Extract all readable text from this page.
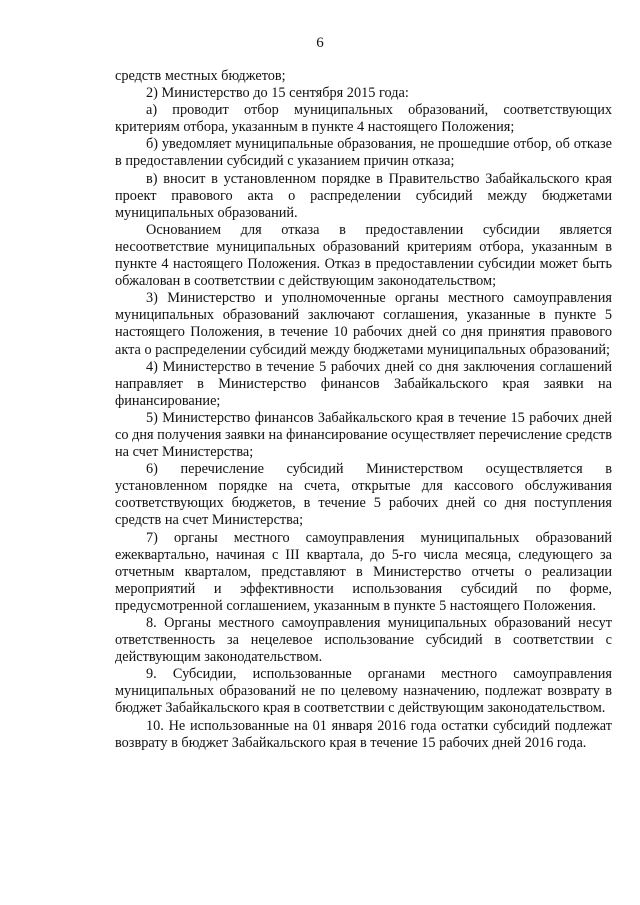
6

средств местных бюджетов;

2) Министерство до 15 сентября 2015 года:

а) проводит отбор муниципальных образований, соответствующих критериям отбора, указанным в пункте 4 настоящего Положения;

б) уведомляет муниципальные образования, не прошедшие отбор, об отказе в предоставлении субсидий с указанием причин отказа;

в) вносит в установленном порядке в Правительство Забайкальского края проект правового акта о распределении субсидий между бюджетами муниципальных образований.

Основанием для отказа в предоставлении субсидии является несоответствие муниципальных образований критериям отбора, указанным в пункте 4 настоящего Положения. Отказ в предоставлении субсидии может быть обжалован в соответствии с действующим законодательством;

3) Министерство и уполномоченные органы местного самоуправления муниципальных образований заключают соглашения, указанные в пункте 5 настоящего Положения, в течение 10 рабочих дней со дня принятия правового акта о распределении субсидий между бюджетами муниципальных образований;

4) Министерство в течение 5 рабочих дней со дня заключения соглашений направляет в Министерство финансов Забайкальского края заявки на финансирование;

5) Министерство финансов Забайкальского края в течение 15 рабочих дней со дня получения заявки на финансирование осуществляет перечисление средств на счет Министерства;

6) перечисление субсидий Министерством осуществляется в установленном порядке на счета, открытые для кассового обслуживания соответствующих бюджетов, в течение 5 рабочих дней со дня поступления средств на счет Министерства;

7) органы местного самоуправления муниципальных образований ежеквартально, начиная с III квартала, до 5-го числа месяца, следующего за отчетным кварталом, представляют в Министерство отчеты о реализации мероприятий и эффективности использования субсидий по форме, предусмотренной соглашением, указанным в пункте 5 настоящего Положения.

8. Органы местного самоуправления муниципальных образований несут ответственность за нецелевое использование субсидий в соответствии с действующим законодательством.

9. Субсидии, использованные органами местного самоуправления муниципальных образований не по целевому назначению, подлежат возврату в бюджет Забайкальского края в соответствии с действующим законодательством.

10. Не использованные на 01 января 2016 года остатки субсидий подлежат возврату в бюджет Забайкальского края в течение 15 рабочих дней 2016 года.
